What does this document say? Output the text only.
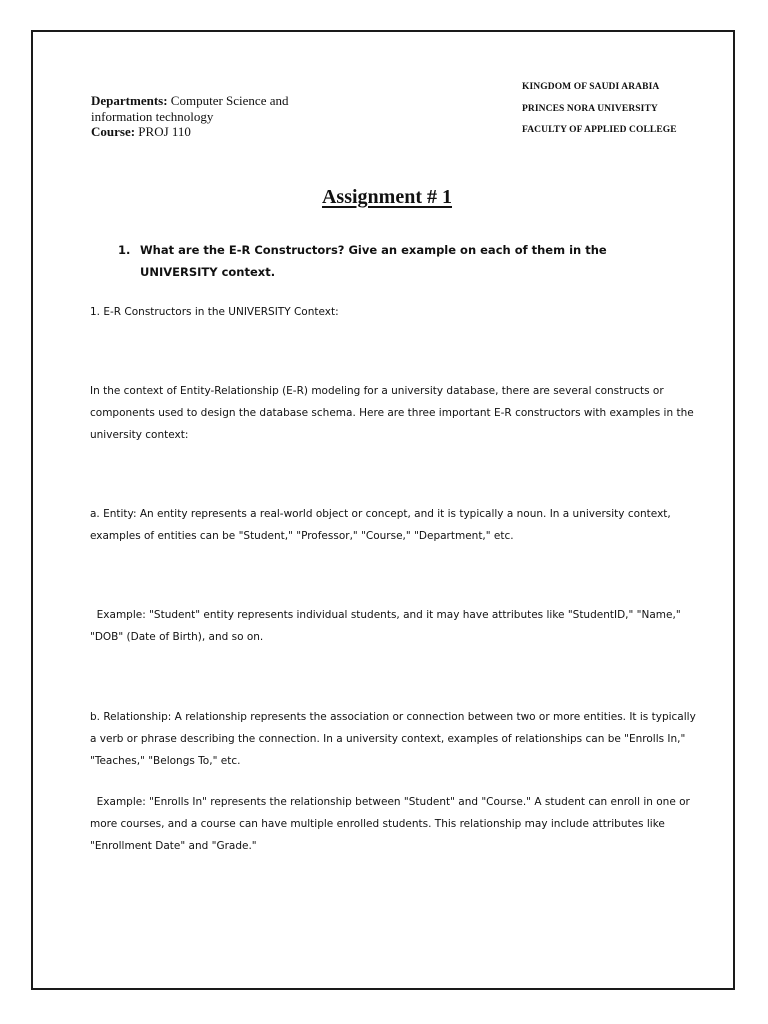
Departments: Computer Science and information technology
Course: PROJ 110
KINGDOM OF SAUDI ARABIA
PRINCES NORA UNIVERSITY
FACULTY OF APPLIED COLLEGE
Assignment # 1
1. What are the E-R Constructors? Give an example on each of them in the UNIVERSITY context.
1. E-R Constructors in the UNIVERSITY Context:
In the context of Entity-Relationship (E-R) modeling for a university database, there are several constructs or components used to design the database schema. Here are three important E-R constructors with examples in the university context:
a. Entity: An entity represents a real-world object or concept, and it is typically a noun. In a university context, examples of entities can be "Student," "Professor," "Course," "Department," etc.
Example: "Student" entity represents individual students, and it may have attributes like "StudentID," "Name," "DOB" (Date of Birth), and so on.
b. Relationship: A relationship represents the association or connection between two or more entities. It is typically a verb or phrase describing the connection. In a university context, examples of relationships can be "Enrolls In," "Teaches," "Belongs To," etc.
Example: "Enrolls In" represents the relationship between "Student" and "Course." A student can enroll in one or more courses, and a course can have multiple enrolled students. This relationship may include attributes like "Enrollment Date" and "Grade."
